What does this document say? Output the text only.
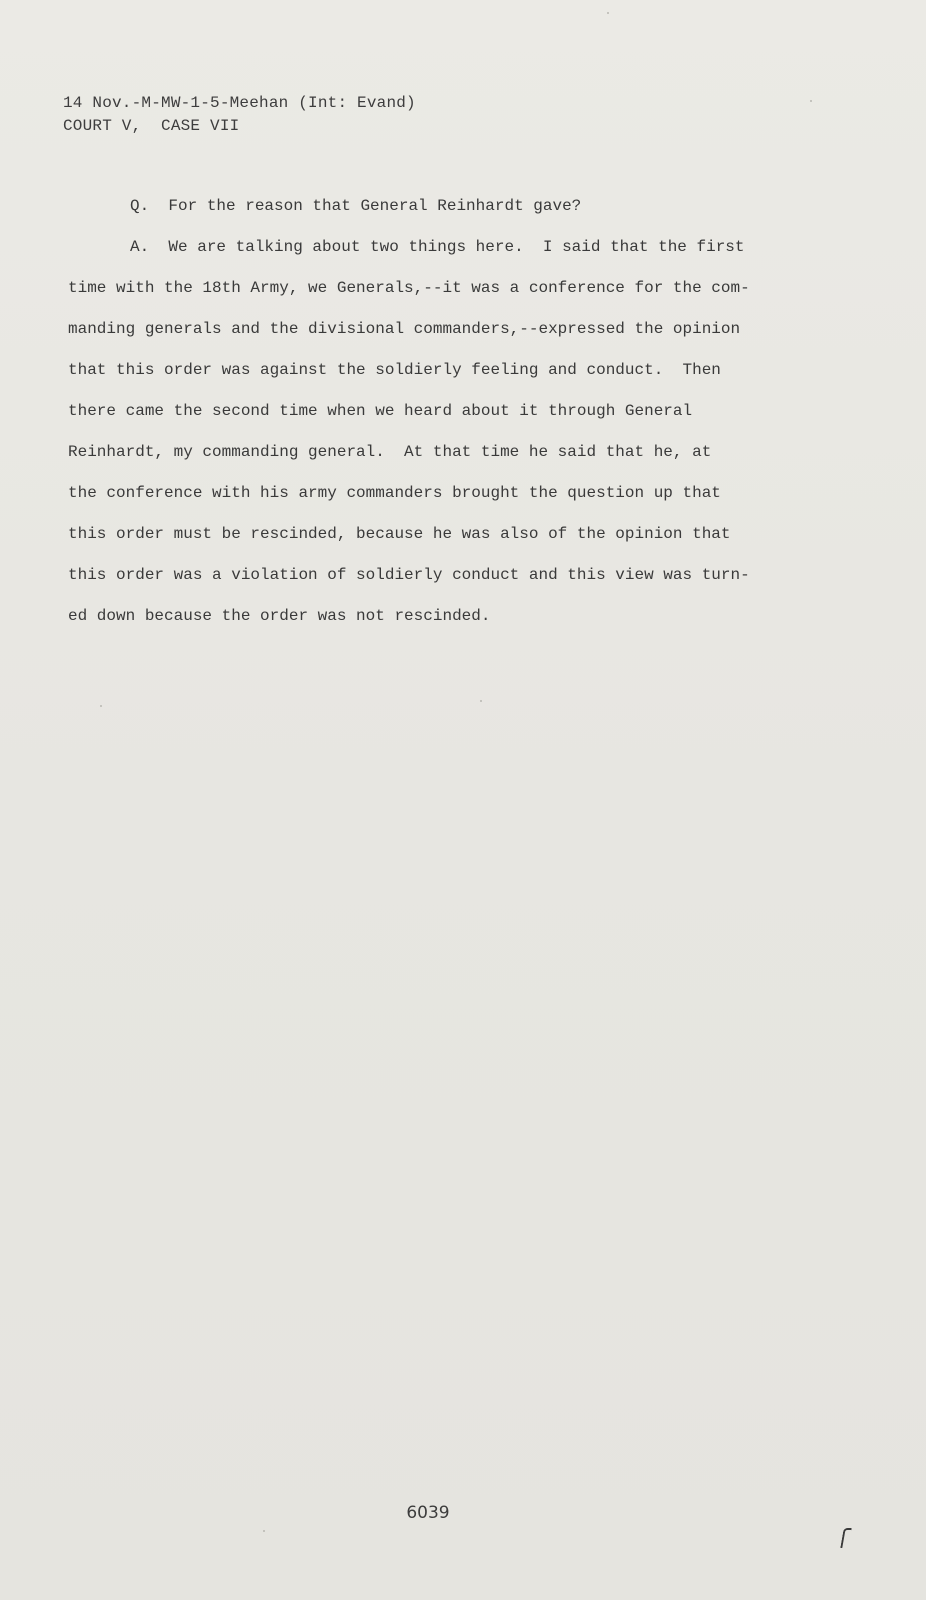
14 Nov.-M-MW-1-5-Meehan (Int: Evand)
COURT V,  CASE VII
Q. For the reason that General Reinhardt gave?
A. We are talking about two things here.  I said that the first
time with the 18th Army, we Generals,--it was a conference for the com-
manding generals and the divisional commanders,--expressed the opinion
that this order was against the soldierly feeling and conduct.  Then
there came the second time when we heard about it through General
Reinhardt, my commanding general.  At that time he said that he, at
the conference with his army commanders brought the question up that
this order must be rescinded, because he was also of the opinion that
this order was a violation of soldierly conduct and this view was turn-
ed down because the order was not rescinded.
6039
